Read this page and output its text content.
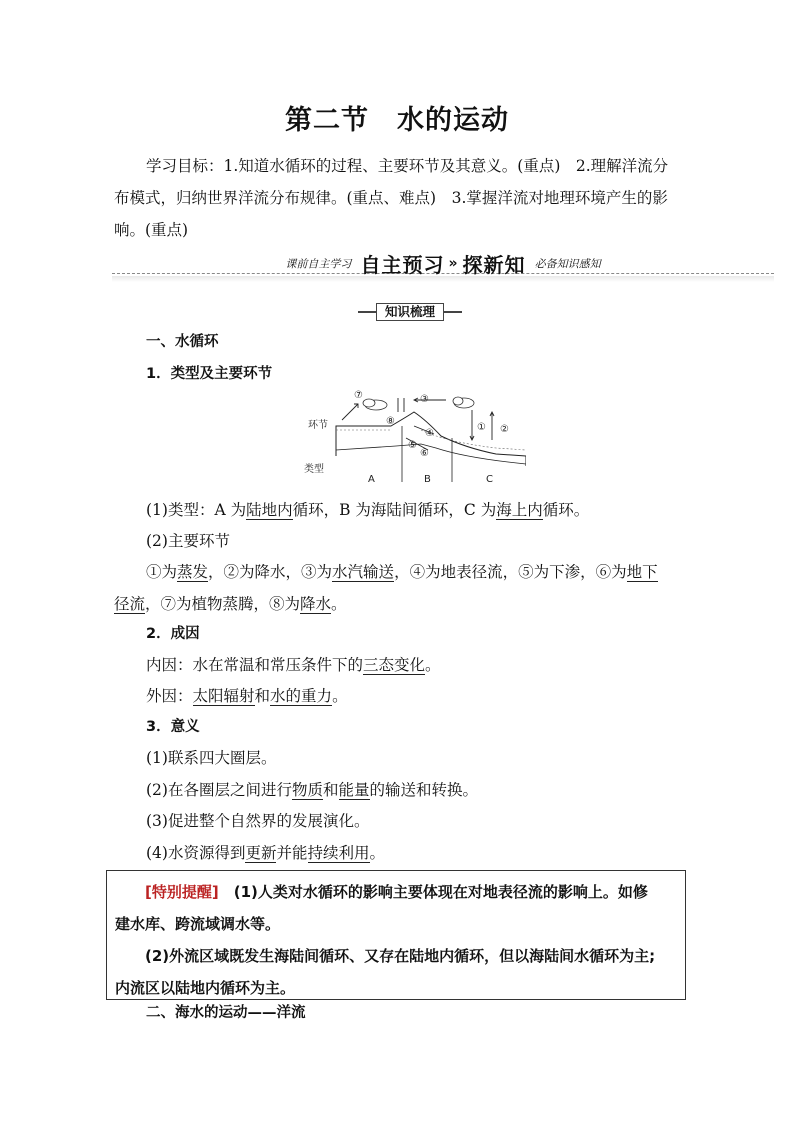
第二节 水的运动
学习目标：1.知道水循环的过程、主要环节及其意义。(重点)　2.理解洋流分
布模式，归纳世界洋流分布规律。(重点、难点)　3.掌握洋流对地理环境产生的影
响。(重点)
课前自主学习 自主预习 » 探新知 必备知识感知
知识梳理
一、水循环
1．类型及主要环节
环节
类型
① ②
③
④
⑤
⑥
⑦
⑧
A	B	C
(1)类型：A 为陆地内循环，B 为海陆间循环，C 为海上内循环。
(2)主要环节
①为蒸发，②为降水，③为水汽输送，④为地表径流，⑤为下渗，⑥为地下
径流，⑦为植物蒸腾，⑧为降水。
2．成因
内因：水在常温和常压条件下的三态变化。
外因：太阳辐射和水的重力。
3．意义
(1)联系四大圈层。
(2)在各圈层之间进行物质和能量的输送和转换。
(3)促进整个自然界的发展演化。
(4)水资源得到更新并能持续利用。
[特别提醒]　(1)人类对水循环的影响主要体现在对地表径流的影响上。如修
建水库、跨流域调水等。
(2)外流区域既发生海陆间循环、又存在陆地内循环，但以海陆间水循环为主;
内流区以陆地内循环为主。
二、海水的运动——洋流
